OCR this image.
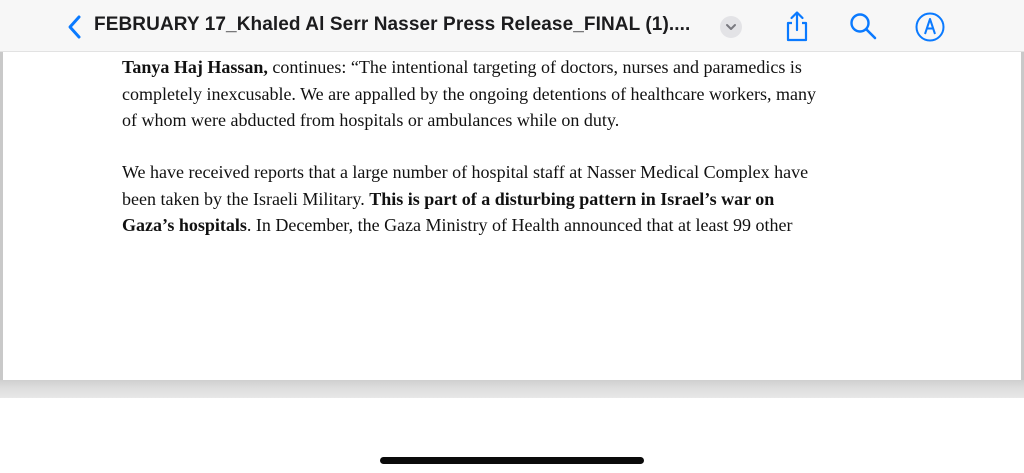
FEBRUARY 17_Khaled Al Serr Nasser Press Release_FINAL (1)....
Tanya Haj Hassan, continues: “The intentional targeting of doctors, nurses and paramedics is
completely inexcusable. We are appalled by the ongoing detentions of healthcare workers, many
of whom were abducted from hospitals or ambulances while on duty.
We have received reports that a large number of hospital staff at Nasser Medical Complex have
been taken by the Israeli Military. This is part of a disturbing pattern in Israel’s war on
Gaza’s hospitals. In December, the Gaza Ministry of Health announced that at least 99 other
